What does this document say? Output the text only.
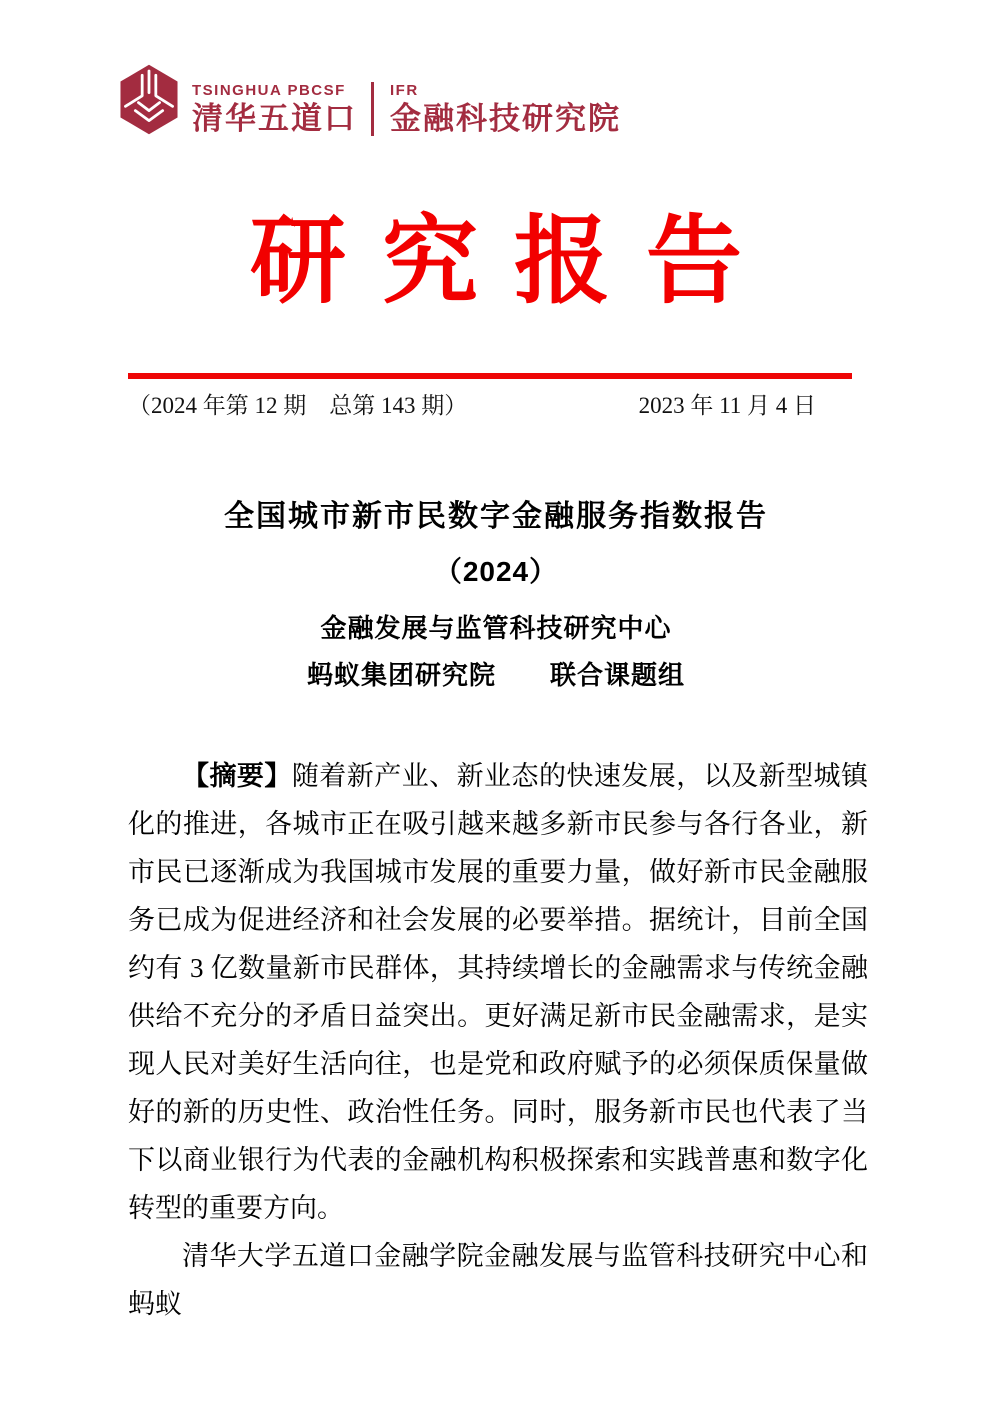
TSINGHUA PBCSF
清华五道口
IFR
金融科技研究院
研究报告
（2024 年第 12 期　总第 143 期）	2023 年 11 月 4 日
全国城市新市民数字金融服务指数报告
（2024）
金融发展与监管科技研究中心
蚂蚁集团研究院　　联合课题组

【摘要】随着新产业、新业态的快速发展，以及新型城镇化的推进，各城市正在吸引越来越多新市民参与各行各业，新市民已逐渐成为我国城市发展的重要力量，做好新市民金融服务已成为促进经济和社会发展的必要举措。据统计，目前全国约有 3 亿数量新市民群体，其持续增长的金融需求与传统金融供给不充分的矛盾日益突出。更好满足新市民金融需求，是实现人民对美好生活向往，也是党和政府赋予的必须保质保量做好的新的历史性、政治性任务。同时，服务新市民也代表了当下以商业银行为代表的金融机构积极探索和实践普惠和数字化转型的重要方向。

清华大学五道口金融学院金融发展与监管科技研究中心和蚂蚁
